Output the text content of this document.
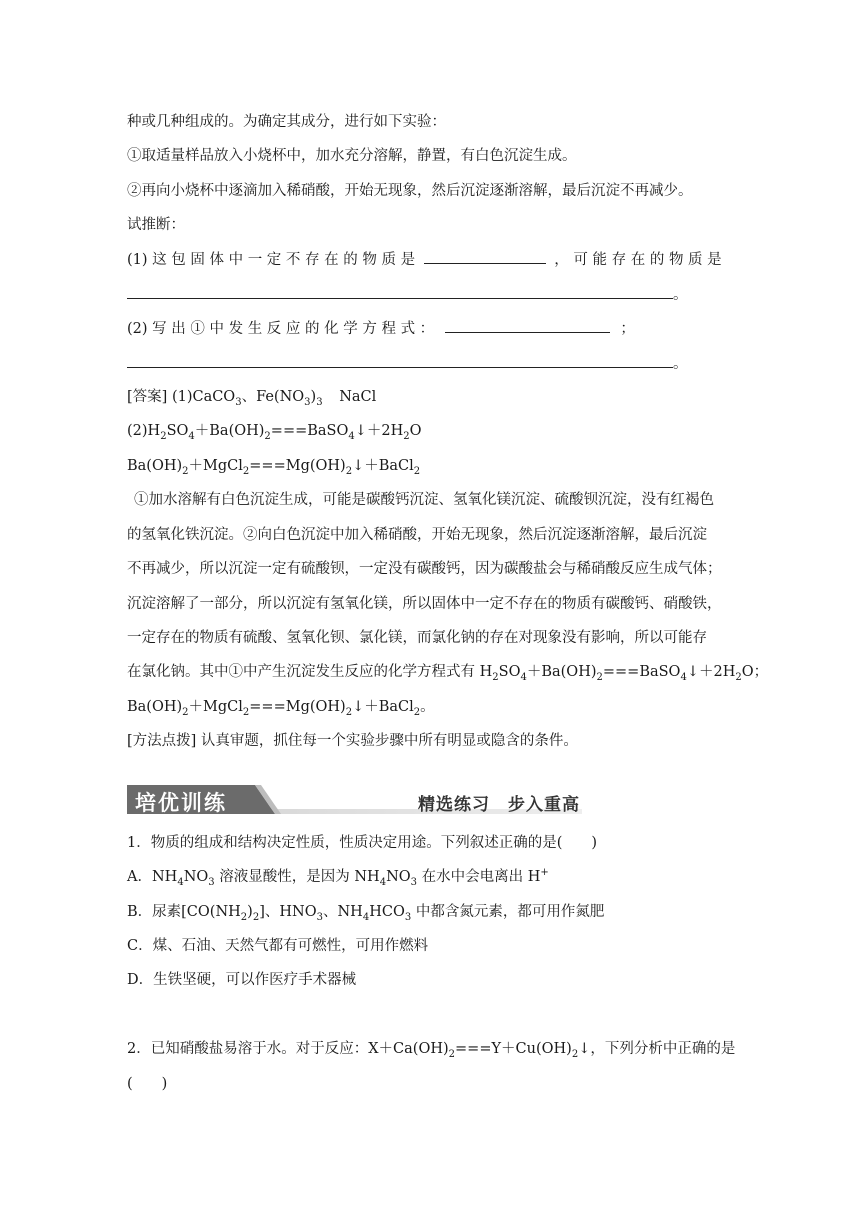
种或几种组成的。为确定其成分，进行如下实验：
①取适量样品放入小烧杯中，加水充分溶解，静置，有白色沉淀生成。
②再向小烧杯中逐滴加入稀硝酸，开始无现象，然后沉淀逐渐溶解，最后沉淀不再减少。
试推断：
(1) 这 包 固 体 中 一 定 不 存 在 的 物 质 是	， 可 能 存 在 的 物 质 是
。
(2) 写 出 ① 中 发 生 反 应 的 化 学 方 程 式 ：	；
。
[答案] (1)CaCO$_3$、$Fe(NO_3)_3$ NaCl
$(2)H_2SO_4+Ba(OH)_2===BaSO_4↓+2H_2O$
$Ba(OH)_2+MgCl_2===Mg(OH)_2↓+BaCl_2$
①加水溶解有白色沉淀生成，可能是碳酸钙沉淀、氢氧化镁沉淀、硫酸钡沉淀，没有红褐色
的氢氧化铁沉淀。②向白色沉淀中加入稀硝酸，开始无现象，然后沉淀逐渐溶解，最后沉淀
不再减少，所以沉淀一定有硫酸钡，一定没有碳酸钙，因为碳酸盐会与稀硝酸反应生成气体；
沉淀溶解了一部分，所以沉淀有氢氧化镁，所以固体中一定不存在的物质有碳酸钙、硝酸铁，
一定存在的物质有硫酸、氢氧化钡、氯化镁，而氯化钠的存在对现象没有影响，所以可能存
在氯化钠。其中①中产生沉淀发生反应的化学方程式有 $H_2SO_4+Ba(OH)_2===BaSO_4↓+2H_2O$；
$Ba(OH)_2+MgCl_2===Mg(OH)_2↓+BaCl_2$。
[方法点拨] 认真审题，抓住每一个实验步骤中所有明显或隐含的条件。
培优训练	精选练习　步入重高
1．物质的组成和结构决定性质，性质决定用途。下列叙述正确的是(　　)
A．$NH_4NO_3$ 溶液显酸性，是因为 $NH_4NO_3$ 在水中会电离出 H+
B．尿素$[CO(NH_2)_2]$、$HNO_3$、$NH_4HCO_3$ 中都含氮元素，都可用作氮肥
C．煤、石油、天然气都有可燃性，可用作燃料
D．生铁坚硬，可以作医疗手术器械
2．已知硝酸盐易溶于水。对于反应：$X+Ca(OH)_2===Y+Cu(OH)_2↓$，下列分析中正确的是
(　　)
